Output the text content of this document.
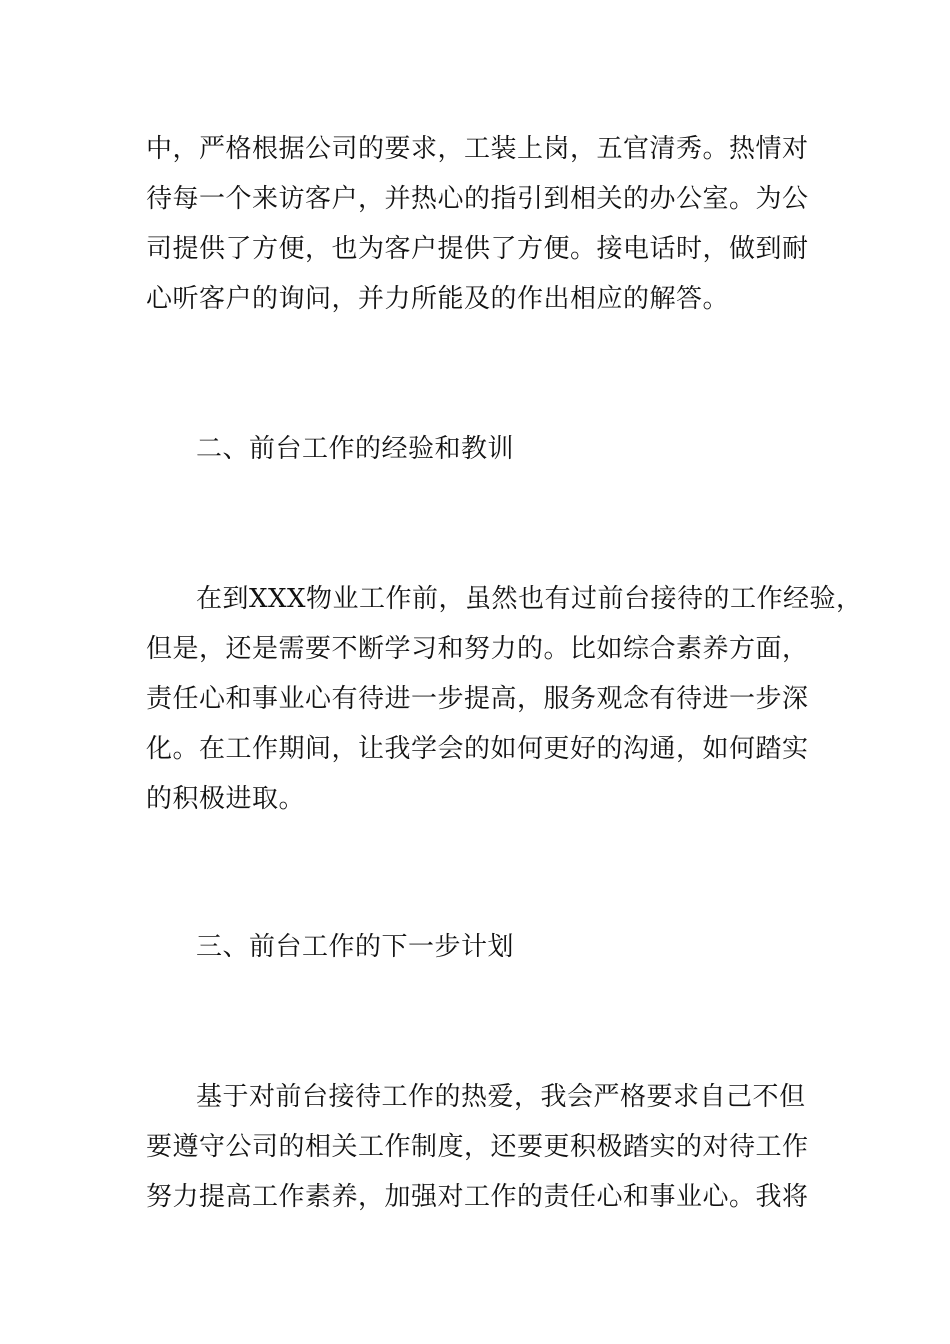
中，严格根据公司的要求，工装上岗，五官清秀。热情对
待每一个来访客户，并热心的指引到相关的办公室。为公
司提供了方便，也为客户提供了方便。接电话时，做到耐
心听客户的询问，并力所能及的作出相应的解答。
二、前台工作的经验和教训
在到XXX物业工作前，虽然也有过前台接待的工作经验，
但是，还是需要不断学习和努力的。比如综合素养方面，
责任心和事业心有待进一步提高，服务观念有待进一步深
化。在工作期间，让我学会的如何更好的沟通，如何踏实
的积极进取。
三、前台工作的下一步计划
基于对前台接待工作的热爱，我会严格要求自己不但
要遵守公司的相关工作制度，还要更积极踏实的对待工作
努力提高工作素养，加强对工作的责任心和事业心。我将
